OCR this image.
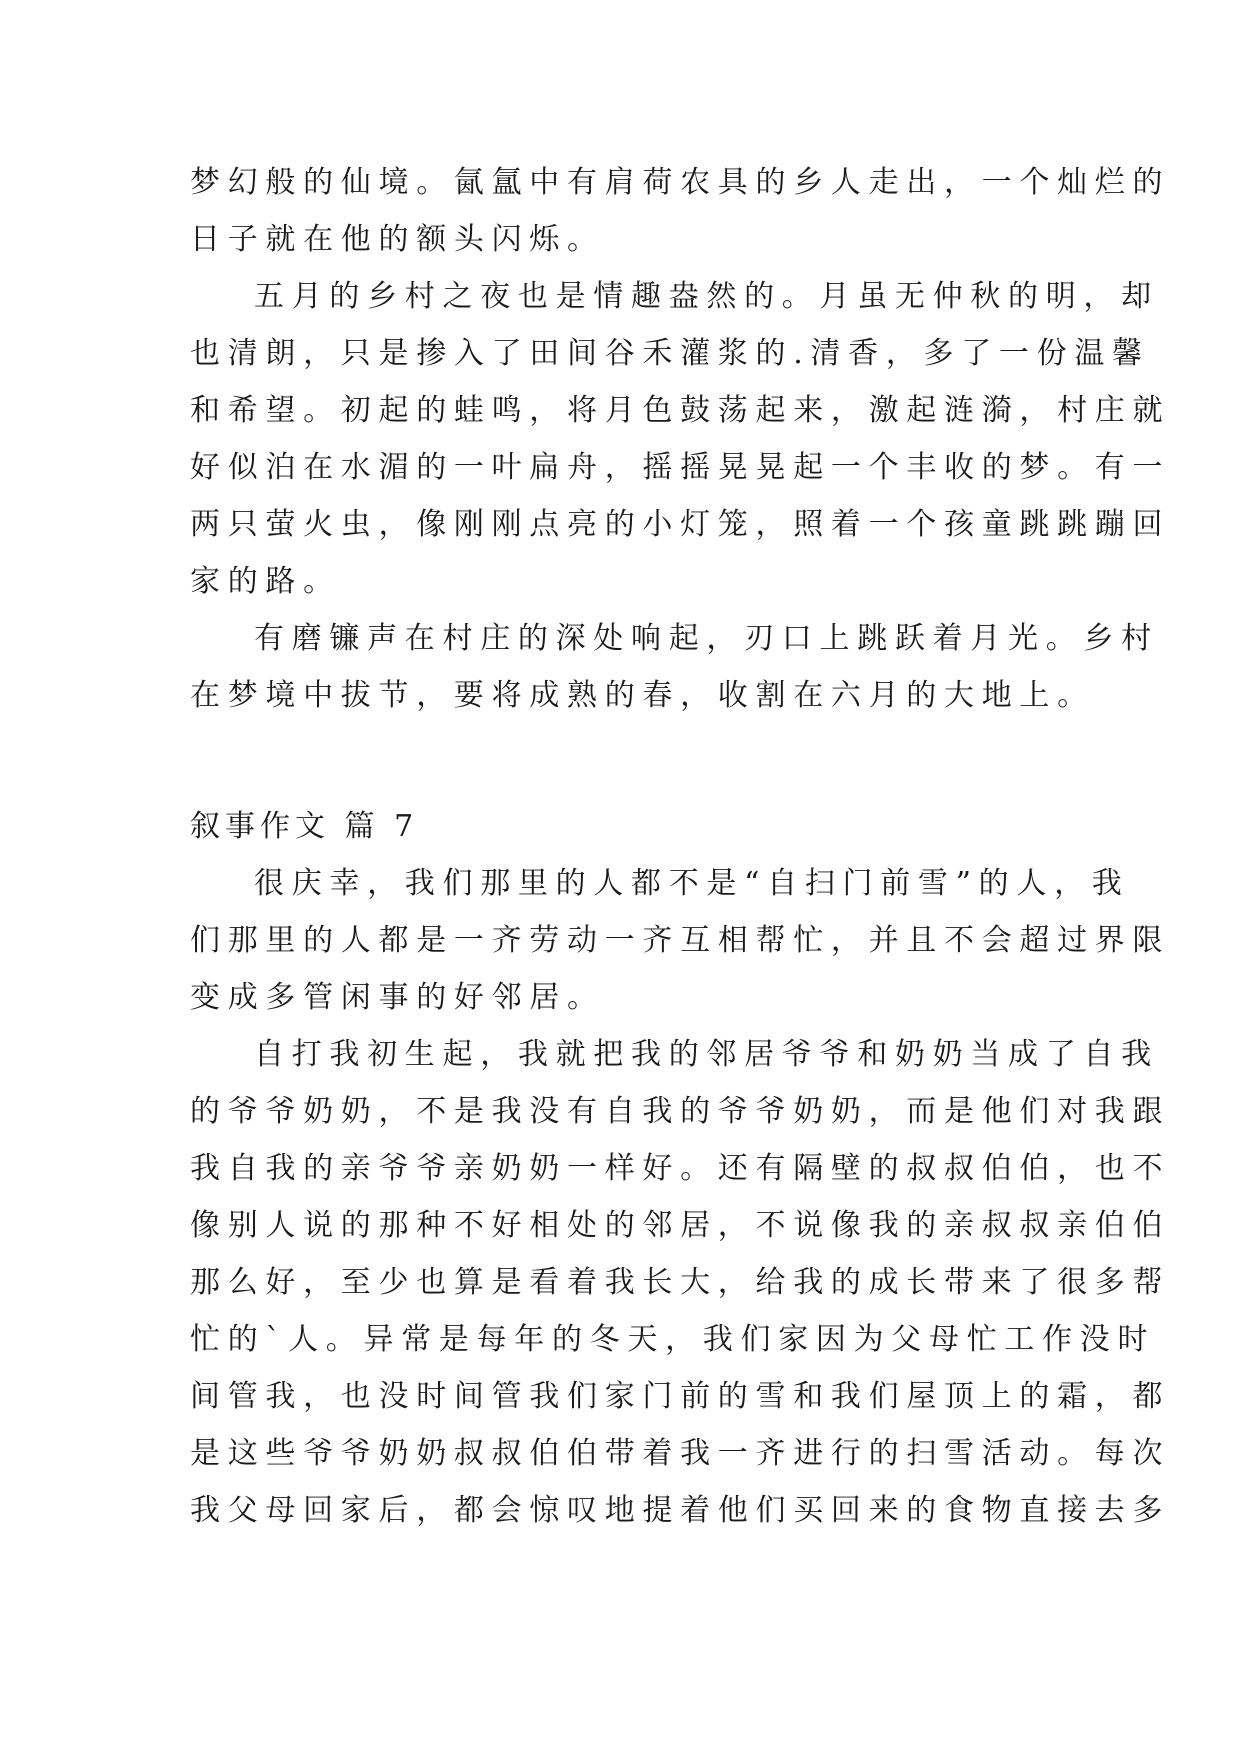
梦幻般的仙境。氤氲中有肩荷农具的乡人走出，一个灿烂的
日子就在他的额头闪烁。
五月的乡村之夜也是情趣盎然的。月虽无仲秋的明，却
也清朗，只是掺入了田间谷禾灌浆的.清香，多了一份温馨
和希望。初起的蛙鸣，将月色鼓荡起来，激起涟漪，村庄就
好似泊在水湄的一叶扁舟，摇摇晃晃起一个丰收的梦。有一
两只萤火虫，像刚刚点亮的小灯笼，照着一个孩童跳跳蹦回
家的路。
有磨镰声在村庄的深处响起，刃口上跳跃着月光。乡村
在梦境中拔节，要将成熟的春，收割在六月的大地上。
叙事作文 篇 7
很庆幸，我们那里的人都不是“自扫门前雪”的人，我
们那里的人都是一齐劳动一齐互相帮忙，并且不会超过界限
变成多管闲事的好邻居。
自打我初生起，我就把我的邻居爷爷和奶奶当成了自我
的爷爷奶奶，不是我没有自我的爷爷奶奶，而是他们对我跟
我自我的亲爷爷亲奶奶一样好。还有隔壁的叔叔伯伯，也不
像别人说的那种不好相处的邻居，不说像我的亲叔叔亲伯伯
那么好，至少也算是看着我长大，给我的成长带来了很多帮
忙的`人。异常是每年的冬天，我们家因为父母忙工作没时
间管我，也没时间管我们家门前的雪和我们屋顶上的霜，都
是这些爷爷奶奶叔叔伯伯带着我一齐进行的扫雪活动。每次
我父母回家后，都会惊叹地提着他们买回来的食物直接去多
